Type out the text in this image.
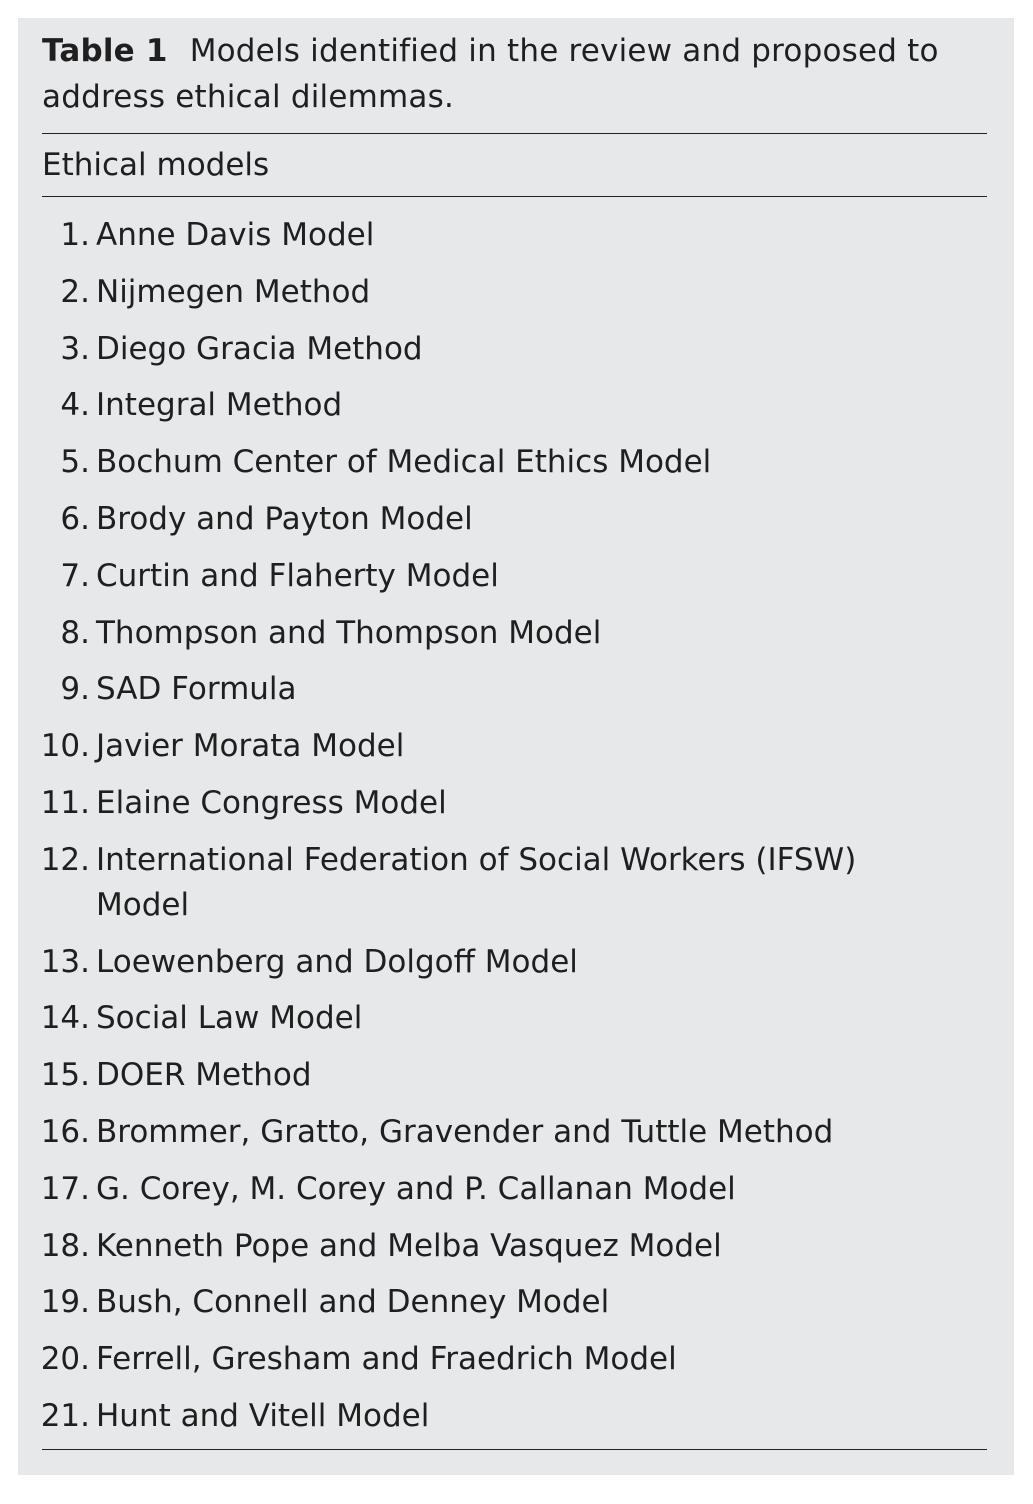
Table 1 Models identified in the review and proposed to address ethical dilemmas.
Ethical models
1. Anne Davis Model
2. Nijmegen Method
3. Diego Gracia Method
4. Integral Method
5. Bochum Center of Medical Ethics Model
6. Brody and Payton Model
7. Curtin and Flaherty Model
8. Thompson and Thompson Model
9. SAD Formula
10. Javier Morata Model
11. Elaine Congress Model
12. International Federation of Social Workers (IFSW) Model
13. Loewenberg and Dolgoff Model
14. Social Law Model
15. DOER Method
16. Brommer, Gratto, Gravender and Tuttle Method
17. G. Corey, M. Corey and P. Callanan Model
18. Kenneth Pope and Melba Vasquez Model
19. Bush, Connell and Denney Model
20. Ferrell, Gresham and Fraedrich Model
21. Hunt and Vitell Model
